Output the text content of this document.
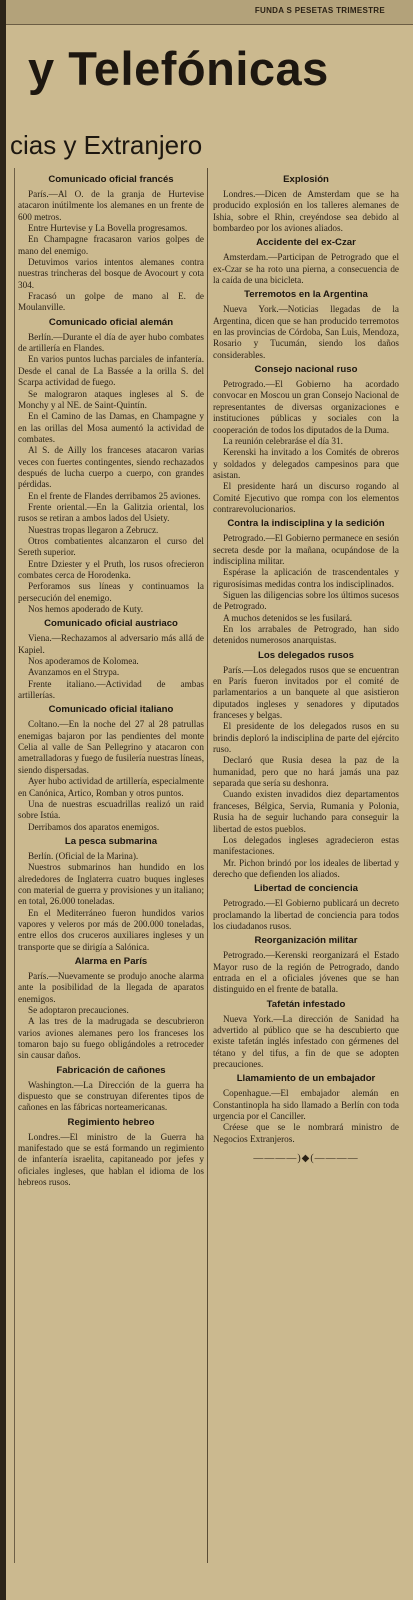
FUNDA S PESETAS TRIMESTRE
y Telefónicas
cias y Extranjero
Comunicado oficial francés

París.—Al O. de la granja de Hurtevise atacaron inútilmente los alemanes en un frente de 600 metros.

Entre Hurtevise y La Bovella progresamos.

En Champagne fracasaron varios golpes de mano del enemigo.

Detuvimos varios intentos alemanes contra nuestras trincheras del bosque de Avocourt y cota 304.

Fracasó un golpe de mano al E. de Moulanville.

Comunicado oficial alemán

Berlín.—Durante el día de ayer hubo combates de artillería en Flandes.

En varios puntos luchas parciales de infantería. Desde el canal de La Bassée a la orilla S. del Scarpa actividad de fuego.

Se malograron ataques ingleses al S. de Monchy y al NE. de Saint-Quintín.

En el Camino de las Damas, en Champagne y en las orillas del Mosa aumentó la actividad de combates.

Al S. de Ailly los franceses atacaron varias veces con fuertes contingentes, siendo rechazados después de lucha cuerpo a cuerpo, con grandes pérdidas.

En el frente de Flandes derribamos 25 aviones.

Frente oriental.—En la Galitzia oriental, los rusos se retiran a ambos lados del Usiety.

Nuestras tropas llegaron a Zebrucz.

Otros combatientes alcanzaron el curso del Sereth superior.

Entre Dziester y el Pruth, los rusos ofrecieron combates cerca de Horodenka.

Perforamos sus líneas y continuamos la persecución del enemigo.

Nos hemos apoderado de Kuty.

Comunicado oficial austriaco

Viena.—Rechazamos al adversario más allá de Kapiel.

Nos apoderamos de Kolomea.

Avanzamos en el Strypa.

Frente italiano.—Actividad de ambas artillerías.

Comunicado oficial italiano

Coltano.—En la noche del 27 al 28 patrullas enemigas bajaron por las pendientes del monte Celia al valle de San Pellegrino y atacaron con ametralladoras y fuego de fusilería nuestras líneas, siendo dispersadas.

Ayer hubo actividad de artillería, especialmente en Canónica, Artico, Romban y otros puntos.

Una de nuestras escuadrillas realizó un raid sobre Istúa.

Derribamos dos aparatos enemigos.

La pesca submarina

Berlín. (Oficial de la Marina).

Nuestros submarinos han hundido en los alrededores de Inglaterra cuatro buques ingleses con material de guerra y provisiones y un italiano; en total, 26.000 toneladas.

En el Mediterráneo fueron hundidos varios vapores y veleros por más de 200.000 toneladas, entre ellos dos cruceros auxiliares ingleses y un transporte que se dirigía a Salónica.

Alarma en París

París.—Nuevamente se produjo anoche alarma ante la posibilidad de la llegada de aparatos enemigos.

Se adoptaron precauciones.

A las tres de la madrugada se descubrieron varios aviones alemanes pero los franceses los tomaron bajo su fuego obligándoles a retroceder sin causar daños.

Fabricación de cañones

Washington.—La Dirección de la guerra ha dispuesto que se construyan diferentes tipos de cañones en las fábricas norteamericanas.

Regimiento hebreo

Londres.—El ministro de la Guerra ha manifestado que se está formando un regimiento de infantería israelita, capitaneado por jefes y oficiales ingleses, que hablan el idioma de los hebreos rusos.

Explosión

Londres.—Dicen de Amsterdam que se ha producido explosión en los talleres alemanes de Ishia, sobre el Rhin, creyéndose sea debido al bombardeo por los aviones aliados.

Accidente del ex-Czar

Amsterdam.—Participan de Petrogrado que el ex-Czar se ha roto una pierna, a consecuencia de la caída de una bicicleta.

Terremotos en la Argentina

Nueva York.—Noticias llegadas de la Argentina, dicen que se han producido terremotos en las provincias de Córdoba, San Luis, Mendoza, Rosario y Tucumán, siendo los daños considerables.

Consejo nacional ruso

Petrogrado.—El Gobierno ha acordado convocar en Moscou un gran Consejo Nacional de representantes de diversas organizaciones e instituciones públicas y sociales con la cooperación de todos los diputados de la Duma.

La reunión celebraráse el día 31.

Kerenski ha invitado a los Comités de obreros y soldados y delegados campesinos para que asistan.

El presidente hará un discurso rogando al Comité Ejecutivo que rompa con los elementos contrarevolucionarios.

Contra la indisciplina y la sedición

Petrogrado.—El Gobierno permanece en sesión secreta desde por la mañana, ocupándose de la indisciplina militar.

Espérase la aplicación de trascendentales y rigurosísimas medidas contra los indisciplinados.

Siguen las diligencias sobre los últimos sucesos de Petrogrado.

A muchos detenidos se les fusilará.

En los arrabales de Petrogrado, han sido detenidos numerosos anarquistas.

Los delegados rusos

París.—Los delegados rusos que se encuentran en París fueron invitados por el comité de parlamentarios a un banquete al que asistieron diputados ingleses y senadores y diputados franceses y belgas.

El presidente de los delegados rusos en su brindis deploró la indisciplina de parte del ejército ruso.

Declaró que Rusia desea la paz de la humanidad, pero que no hará jamás una paz separada que sería su deshonra.

Cuando existen invadidos diez departamentos franceses, Bélgica, Servia, Rumania y Polonia, Rusia ha de seguir luchando para conseguir la libertad de estos pueblos.

Los delegados ingleses agradecieron estas manifestaciones.

Mr. Pichon brindó por los ideales de libertad y derecho que defienden los aliados.

Libertad de conciencia

Petrogrado.—El Gobierno publicará un decreto proclamando la libertad de conciencia para todos los ciudadanos rusos.

Reorganización militar

Petrogrado.—Kerenski reorganizará el Estado Mayor ruso de la región de Petrogrado, dando entrada en el a oficiales jóvenes que se han distinguido en el frente de batalla.

Tafetán infestado

Nueva York.—La dirección de Sanidad ha advertido al público que se ha descubierto que existe tafetán inglés infestado con gérmenes del tétano y del tifus, a fin de que se adopten precauciones.

Llamamiento de un embajador

Copenhague.—El embajador alemán en Constantinopla ha sido llamado a Berlín con toda urgencia por el Canciller.

Créese que se le nombrará ministro de Negocios Extranjeros.

————)◆(————
